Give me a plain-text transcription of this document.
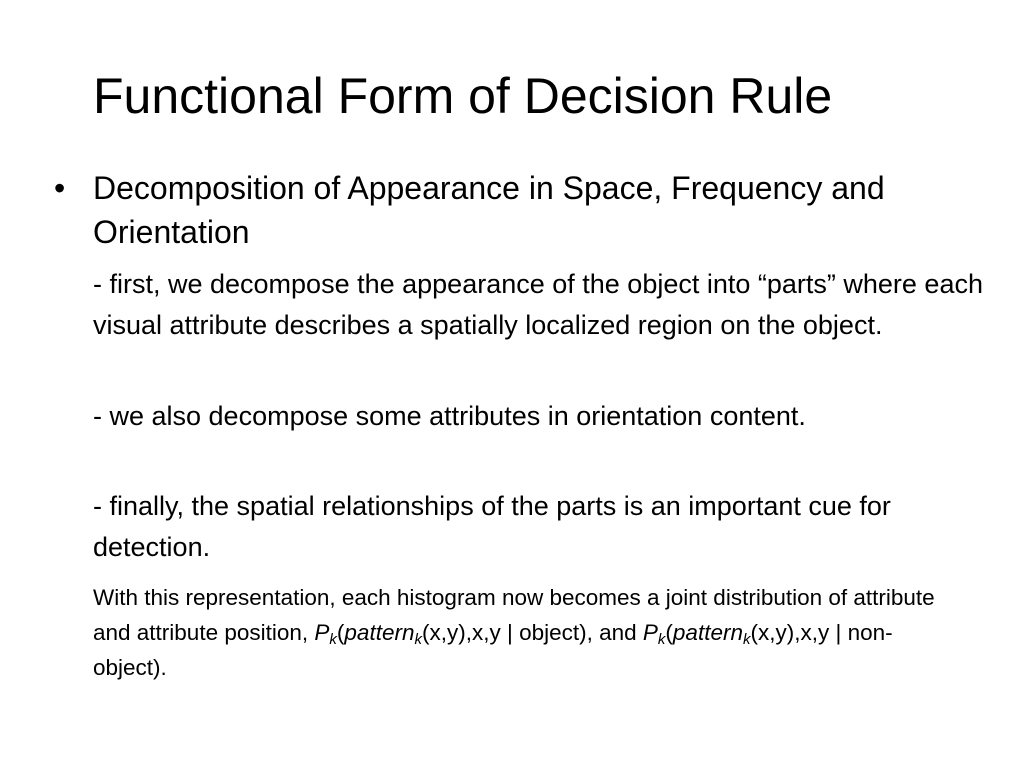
Functional Form of Decision Rule
• Decomposition of Appearance in Space, Frequency and Orientation
- first, we decompose the appearance of the object into “parts” where each visual attribute describes a spatially localized region on the object.
- we also decompose some attributes in orientation content.
- finally, the spatial relationships of the parts is an important cue for detection.
With this representation, each histogram now becomes a joint distribution of attribute and attribute position, $P_k(pattern_k(x,y),x,y$ | object), and $P_k(pattern_k(x,y),x,y$ | non-object).
